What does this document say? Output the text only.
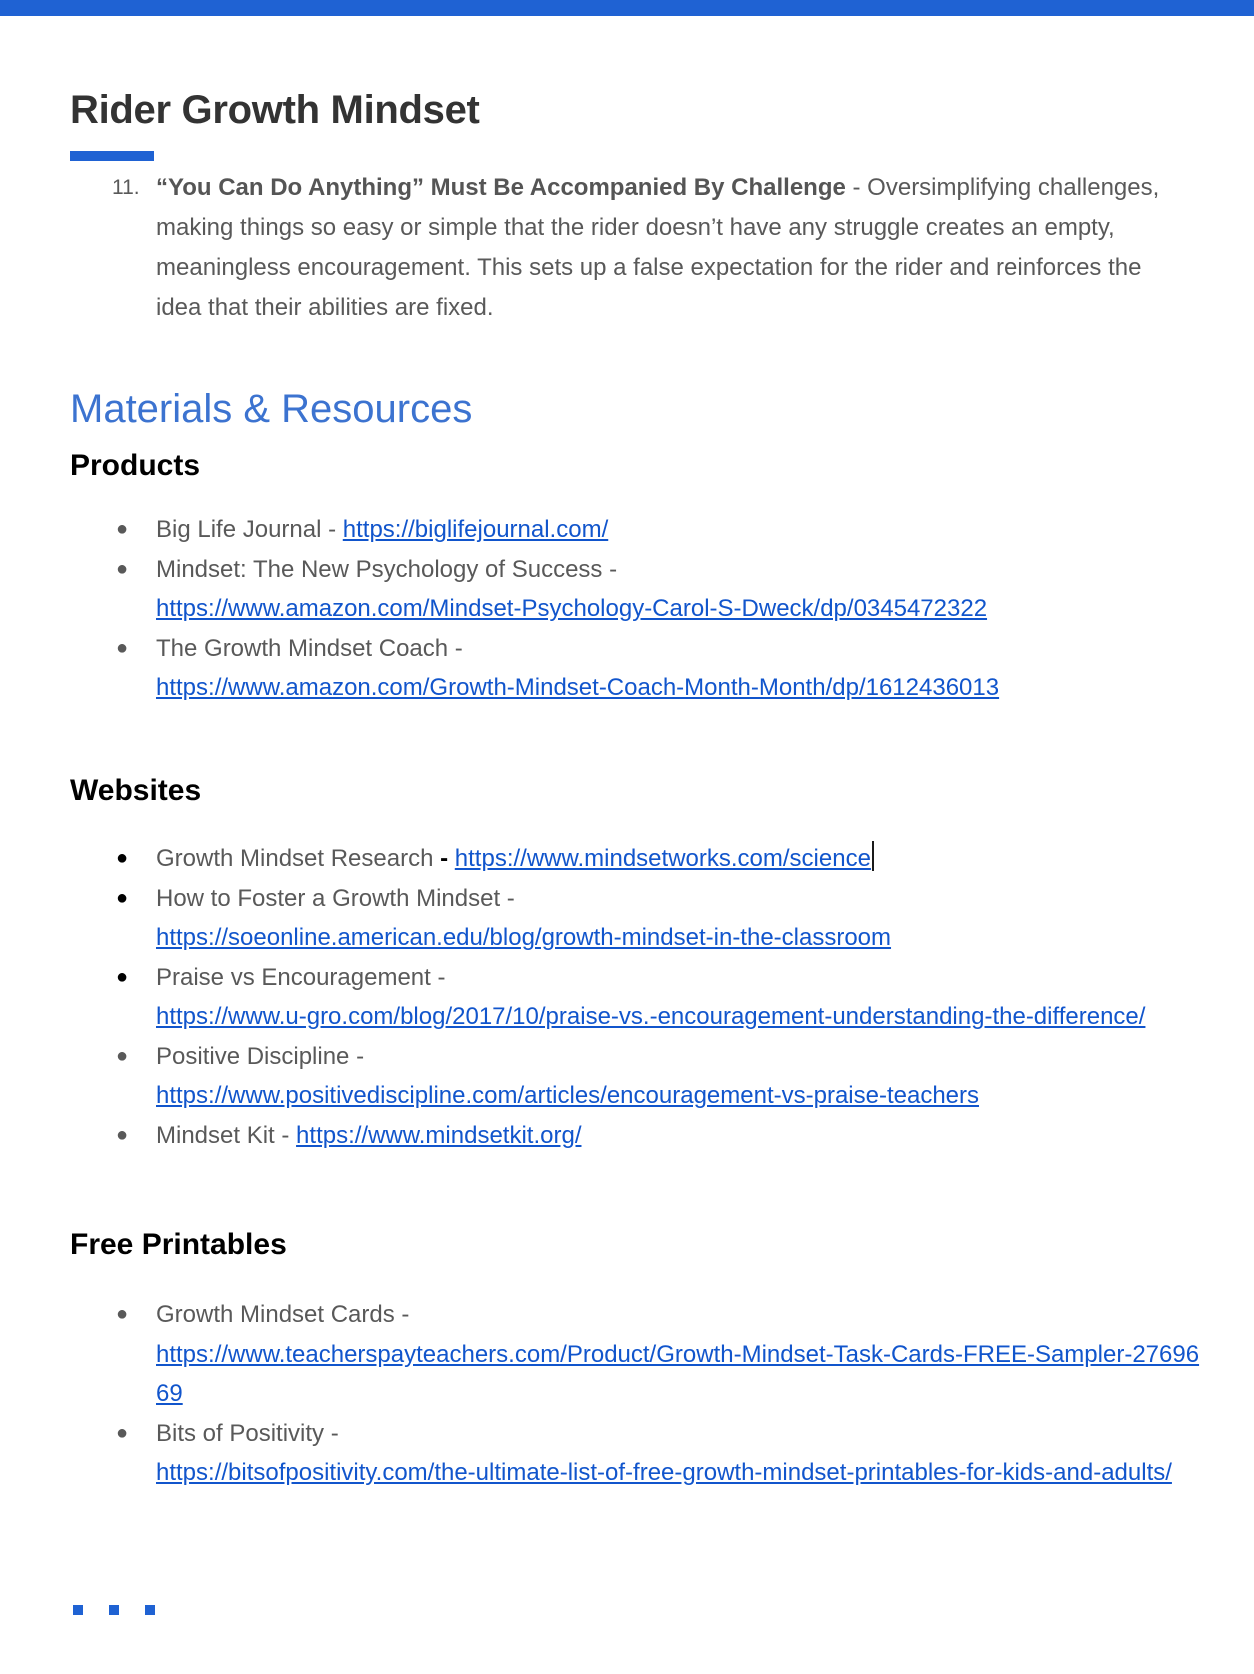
Rider Growth Mindset
11. “You Can Do Anything” Must Be Accompanied By Challenge - Oversimplifying challenges, making things so easy or simple that the rider doesn’t have any struggle creates an empty, meaningless encouragement. This sets up a false expectation for the rider and reinforces the idea that their abilities are fixed.
Materials & Resources
Products
● Big Life Journal - https://biglifejournal.com/
● Mindset: The New Psychology of Success -
https://www.amazon.com/Mindset-Psychology-Carol-S-Dweck/dp/0345472322
● The Growth Mindset Coach -
https://www.amazon.com/Growth-Mindset-Coach-Month-Month/dp/1612436013
Websites
● Growth Mindset Research - https://www.mindsetworks.com/science
● How to Foster a Growth Mindset -
https://soeonline.american.edu/blog/growth-mindset-in-the-classroom
● Praise vs Encouragement -
https://www.u-gro.com/blog/2017/10/praise-vs.-encouragement-understanding-the-difference/
● Positive Discipline -
https://www.positivediscipline.com/articles/encouragement-vs-praise-teachers
● Mindset Kit - https://www.mindsetkit.org/
Free Printables
● Growth Mindset Cards -
https://www.teacherspayteachers.com/Product/Growth-Mindset-Task-Cards-FREE-Sampler-2769669
● Bits of Positivity -
https://bitsofpositivity.com/the-ultimate-list-of-free-growth-mindset-printables-for-kids-and-adults/
